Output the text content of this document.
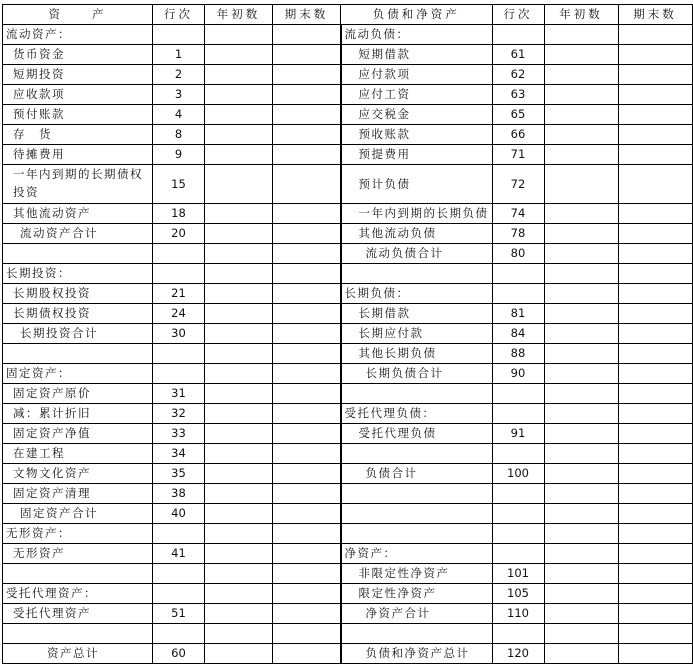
资　　产	行次	年初数	期末数	负债和净资产	行次	年初数	期末数
流动资产：				流动负债：			
货币资金	1			短期借款	61		
短期投资	2			应付款项	62		
应收款项	3			应付工资	63		
预付账款	4			应交税金	65		
存　货	8			预收账款	66		
待摊费用	9			预提费用	71		
一年内到期的长期债权投资	15			预计负债	72		
其他流动资产	18			一年内到期的长期负债	74		
流动资产合计	20			其他流动负债	78		
				流动负债合计	80		
长期投资：							
长期股权投资	21			长期负债：			
长期债权投资	24			长期借款	81		
长期投资合计	30			长期应付款	84		
				其他长期负债	88		
固定资产：				长期负债合计	90		
固定资产原价	31						
减：累计折旧	32			受托代理负债：			
固定资产净值	33			受托代理负债	91		
在建工程	34						
文物文化资产	35			负债合计	100		
固定资产清理	38						
固定资产合计	40						
无形资产：							
无形资产	41			净资产：			
				非限定性净资产	101		
受托代理资产：				限定性净资产	105		
受托代理资产	51			净资产合计	110		

资产总计	60			负债和净资产总计	120		
